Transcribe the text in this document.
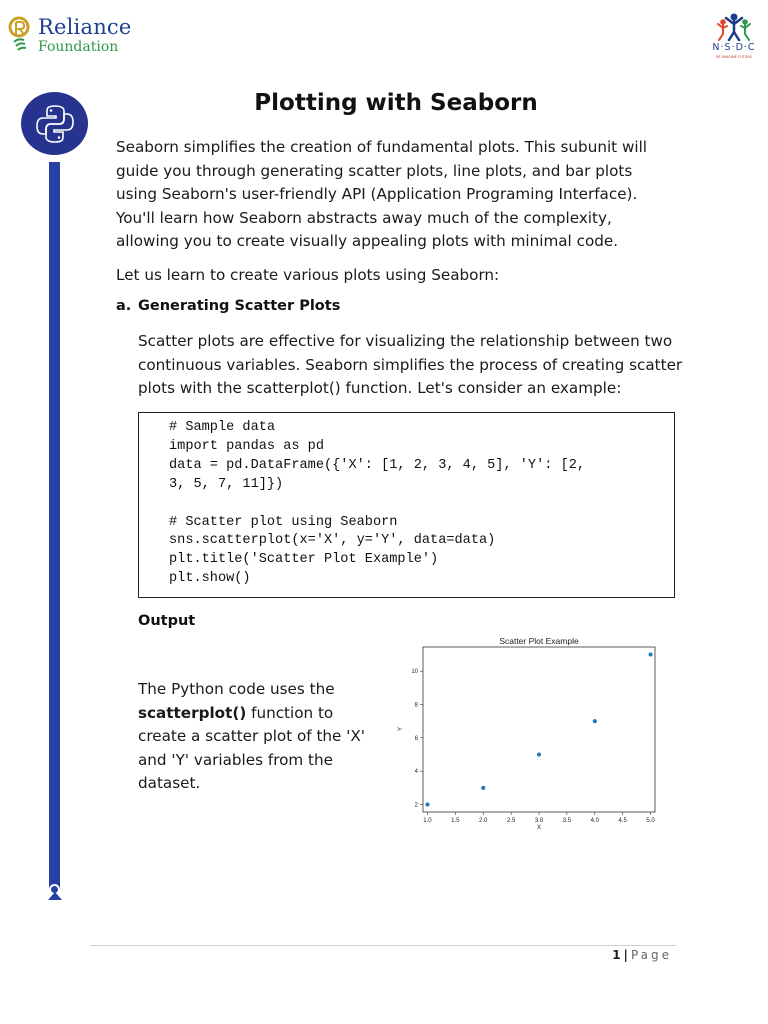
Reliance
Foundation	N·S·D·C
RE IMAGINE FUTURE
Plotting with Seaborn

Seaborn simplifies the creation of fundamental plots. This subunit will guide you through generating scatter plots, line plots, and bar plots using Seaborn's user-friendly API (Application Programing Interface). You'll learn how Seaborn abstracts away much of the complexity, allowing you to create visually appealing plots with minimal code.

Let us learn to create various plots using Seaborn:

a. Generating Scatter Plots

Scatter plots are effective for visualizing the relationship between two continuous variables. Seaborn simplifies the process of creating scatter plots with the scatterplot() function. Let's consider an example:

# Sample data
import pandas as pd
data = pd.DataFrame({'X': [1, 2, 3, 4, 5], 'Y': [2,
3, 5, 7, 11]})

# Scatter plot using Seaborn
sns.scatterplot(x='X', y='Y', data=data)
plt.title('Scatter Plot Example')
plt.show()
Output

The Python code uses the scatterplot() function to create a scatter plot of the 'X' and 'Y' variables from the dataset.

Scatter Plot Example
X
Y
1.0	1.5	2.0	2.5	3.0	3.5	4.0	4.5	5.0
2
4
6
8
10
1 | Page
